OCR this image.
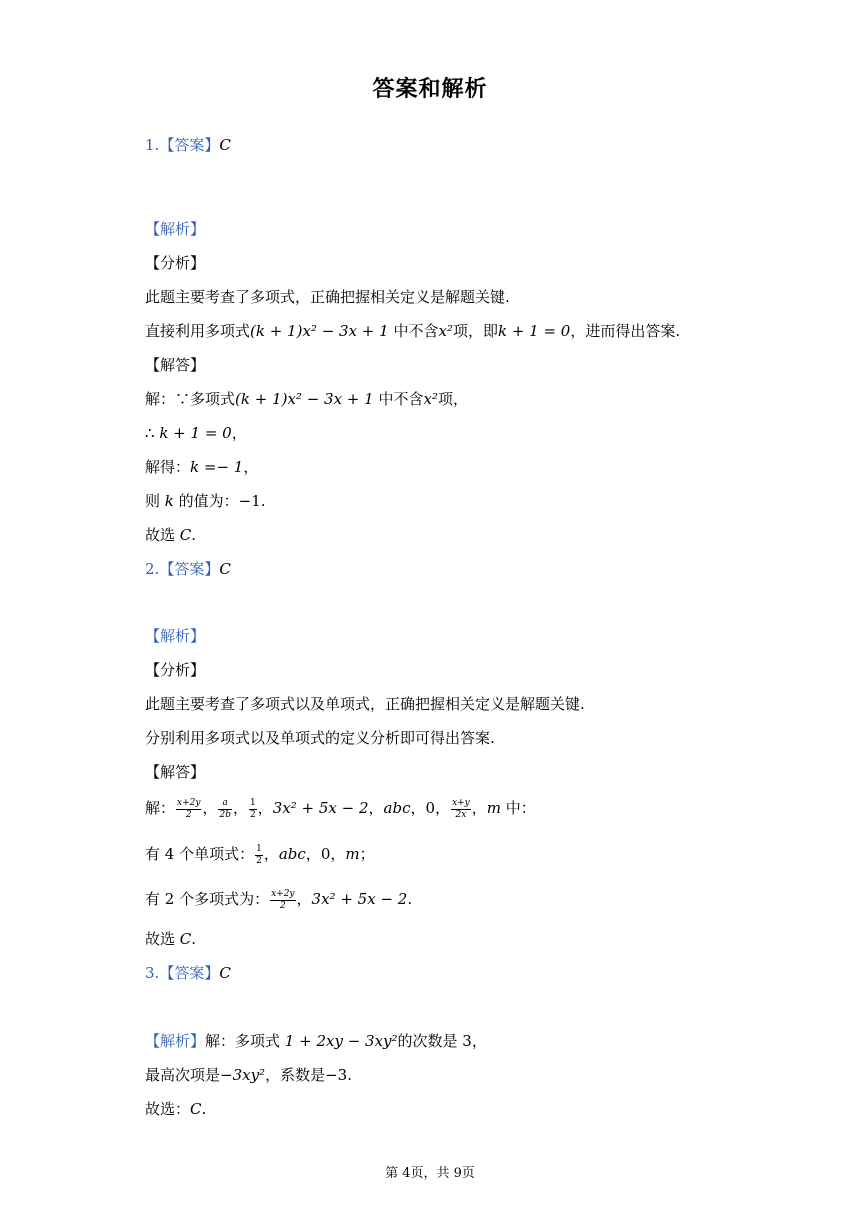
答案和解析
1.【答案】C
【解析】
【分析】
此题主要考查了多项式，正确把握相关定义是解题关键.
直接利用多项式(k + 1)x² − 3x + 1 中不含x²项，即k + 1 = 0，进而得出答案.
【解答】
解：∵多项式(k + 1)x² − 3x + 1 中不含x²项，
∴ k + 1 = 0，
解得：k =− 1，
则 k 的值为：−1.
故选 C.
2.【答案】C
【解析】
【分析】
此题主要考查了多项式以及单项式，正确把握相关定义是解题关键.
分别利用多项式以及单项式的定义分析即可得出答案.
【解答】
解： $\frac{x+2y}{2}$ ， $\frac{a}{2b}$ ， $\frac{1}{2}$ ，3x² + 5x − 2，abc，0， $\frac{x+y}{2x}$ ，m 中：
有 4 个单项式： $\frac{1}{2}$ ，abc，0，m；
有 2 个多项式为： $\frac{x+2y}{2}$ ，3x² + 5x − 2.
故选 C.
3.【答案】C
【解析】解：多项式 1 + 2xy − 3xy²的次数是 3，
最高次项是−3xy²，系数是−3.
故选：C.
第 4页，共 9页
